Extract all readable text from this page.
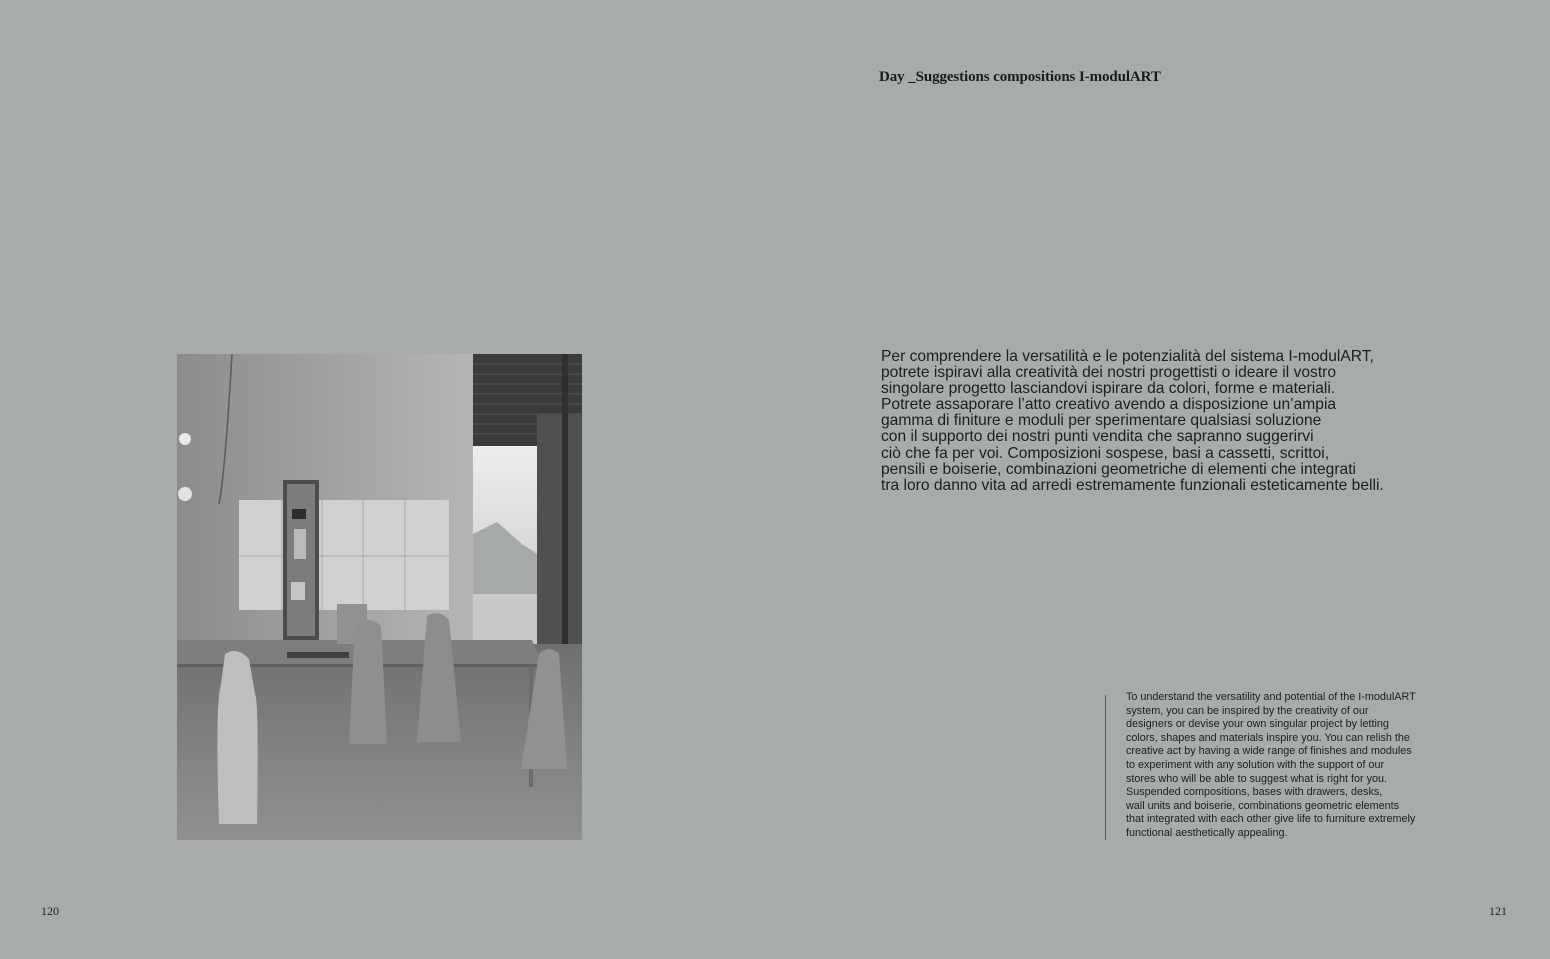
Day _Suggestions compositions I-modulART
Per comprendere la versatilità e le potenzialità del sistema I-modulART,
potrete ispiravi alla creatività dei nostri progettisti o ideare il vostro
singolare progetto lasciandovi ispirare da colori, forme e materiali.
Potrete assaporare l’atto creativo avendo a disposizione un’ampia
gamma di finiture e moduli per sperimentare qualsiasi soluzione
con il supporto dei nostri punti vendita che sapranno suggerirvi
ciò che fa per voi. Composizioni sospese, basi a cassetti, scrittoi,
pensili e boiserie, combinazioni geometriche di elementi che integrati
tra loro danno vita ad arredi estremamente funzionali esteticamente belli.
To understand the versatility and potential of the I-modulART
system, you can be inspired by the creativity of our
designers or devise your own singular project by letting
colors, shapes and materials inspire you. You can relish the
creative act by having a wide range of finishes and modules
to experiment with any solution with the support of our
stores who will be able to suggest what is right for you.
Suspended compositions, bases with drawers, desks,
wall units and boiserie, combinations geometric elements
that integrated with each other give life to furniture extremely
functional aesthetically appealing.
120	121
